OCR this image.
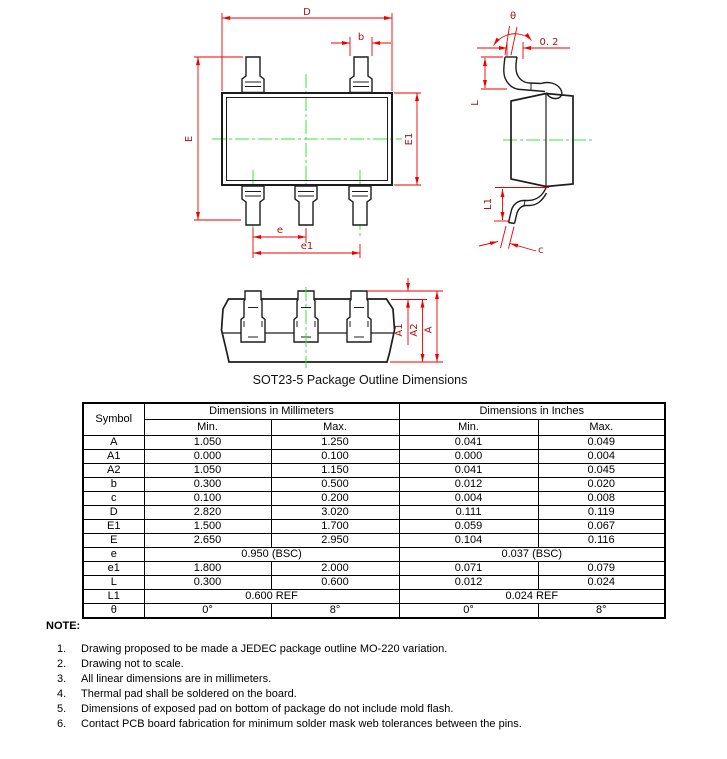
D
b
E	E1
e
e1
θ
0. 2
L
L1
c
A1 A2 A
SOT23-5 Package Outline Dimensions
Symbol	Dimensions in Millimeters		Dimensions in Inches	
	Min.	Max.	Min.	Max.
A	1.050	1.250	0.041	0.049
A1	0.000	0.100	0.000	0.004
A2	1.050	1.150	0.041	0.045
b	0.300	0.500	0.012	0.020
c	0.100	0.200	0.004	0.008
D	2.820	3.020	0.111	0.119
E1	1.500	1.700	0.059	0.067
E	2.650	2.950	0.104	0.116
e	0.950 (BSC)		0.037 (BSC)	
e1	1.800	2.000	0.071	0.079
L	0.300	0.600	0.012	0.024
L1	0.600 REF		0.024 REF	
θ	0°	8°	0°	8°
NOTE:
1.	Drawing proposed to be made a JEDEC package outline MO-220 variation.
2.	Drawing not to scale.
3.	All linear dimensions are in millimeters.
4.	Thermal pad shall be soldered on the board.
5.	Dimensions of exposed pad on bottom of package do not include mold flash.
6.	Contact PCB board fabrication for minimum solder mask web tolerances between the pins.
